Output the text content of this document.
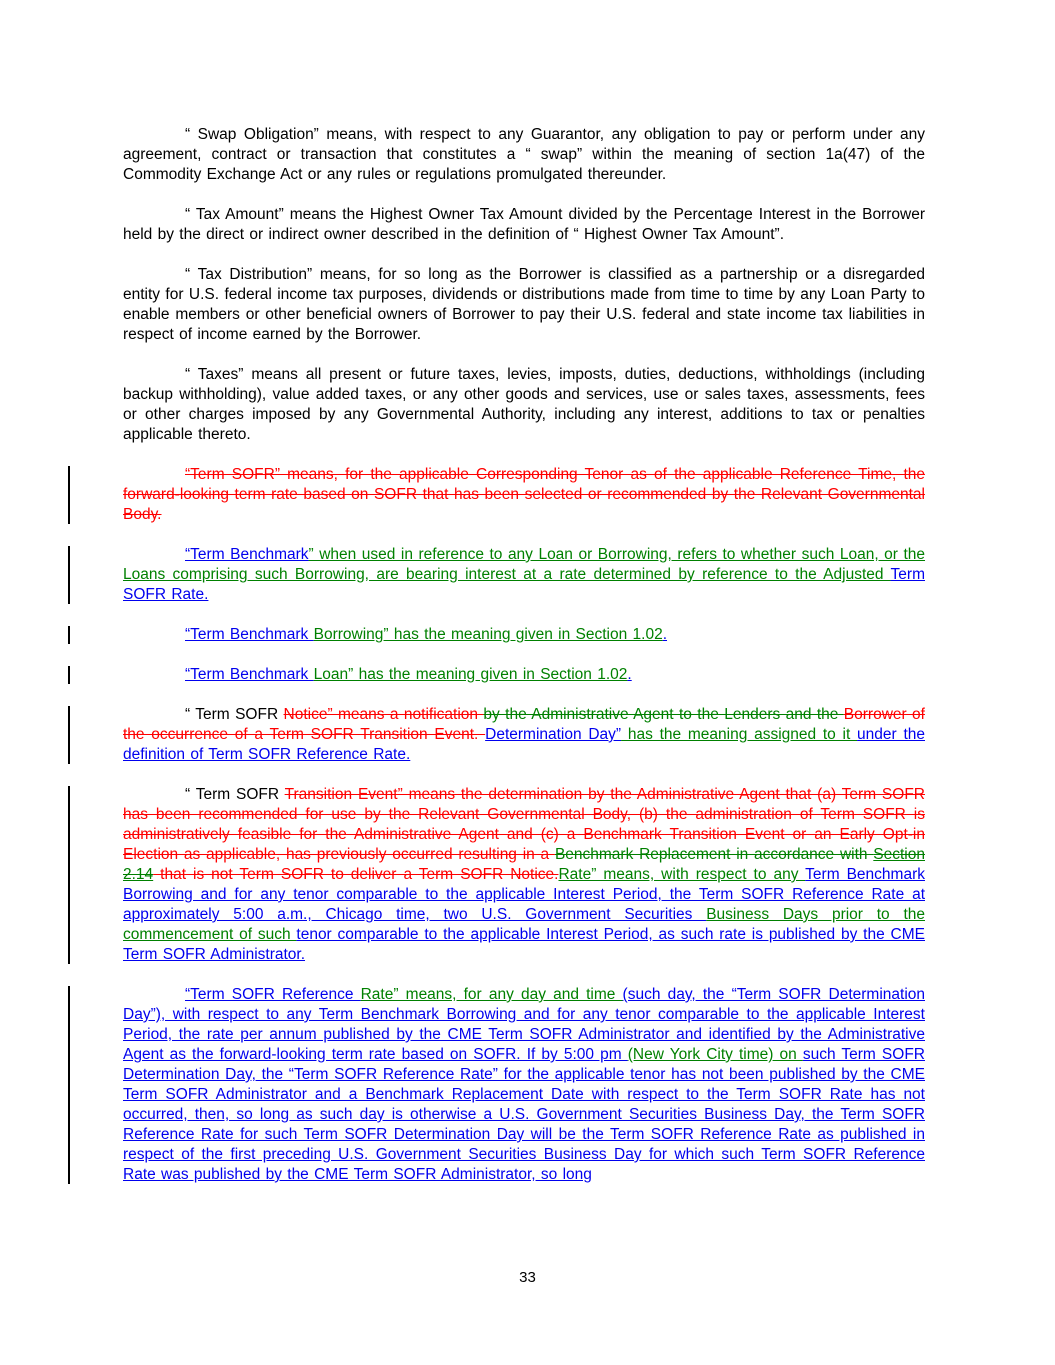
“ Swap Obligation” means, with respect to any Guarantor, any obligation to pay or perform under any agreement, contract or transaction that constitutes a “ swap” within the meaning of section 1a(47) of the Commodity Exchange Act or any rules or regulations promulgated thereunder.

“ Tax Amount” means the Highest Owner Tax Amount divided by the Percentage Interest in the Borrower held by the direct or indirect owner described in the definition of “ Highest Owner Tax Amount”.

“ Tax Distribution” means, for so long as the Borrower is classified as a partnership or a disregarded entity for U.S. federal income tax purposes, dividends or distributions made from time to time by any Loan Party to enable members or other beneficial owners of Borrower to pay their U.S. federal and state income tax liabilities in respect of income earned by the Borrower.

“ Taxes” means all present or future taxes, levies, imposts, duties, deductions, withholdings (including backup withholding), value added taxes, or any other goods and services, use or sales taxes, assessments, fees or other charges imposed by any Governmental Authority, including any interest, additions to tax or penalties applicable thereto.

“Term SOFR” means, for the applicable Corresponding Tenor as of the applicable Reference Time, the forward-looking term rate based on SOFR that has been selected or recommended by the Relevant Governmental Body.

“Term Benchmark” when used in reference to any Loan or Borrowing, refers to whether such Loan, or the Loans comprising such Borrowing, are bearing interest at a rate determined by reference to the Adjusted Term SOFR Rate.

“Term Benchmark Borrowing” has the meaning given in Section 1.02.

“Term Benchmark Loan” has the meaning given in Section 1.02.

“ Term SOFR Notice” means a notification by the Administrative Agent to the Lenders and the Borrower of the occurrence of a Term SOFR Transition Event. Determination Day” has the meaning assigned to it under the definition of Term SOFR Reference Rate.

“ Term SOFR Transition Event” means the determination by the Administrative Agent that (a) Term SOFR has been recommended for use by the Relevant Governmental Body, (b) the administration of Term SOFR is administratively feasible for the Administrative Agent and (c) a Benchmark Transition Event or an Early Opt-in Election as applicable, has previously occurred resulting in a Benchmark Replacement in accordance with Section 2.14 that is not Term SOFR to deliver a Term SOFR Notice.Rate” means, with respect to any Term Benchmark Borrowing and for any tenor comparable to the applicable Interest Period, the Term SOFR Reference Rate at approximately 5:00 a.m., Chicago time, two U.S. Government Securities Business Days prior to the commencement of such tenor comparable to the applicable Interest Period, as such rate is published by the CME Term SOFR Administrator.

“Term SOFR Reference Rate” means, for any day and time (such day, the “Term SOFR Determination Day”), with respect to any Term Benchmark Borrowing and for any tenor comparable to the applicable Interest Period, the rate per annum published by the CME Term SOFR Administrator and identified by the Administrative Agent as the forward-looking term rate based on SOFR. If by 5:00 pm (New York City time) on such Term SOFR Determination Day, the “Term SOFR Reference Rate” for the applicable tenor has not been published by the CME Term SOFR Administrator and a Benchmark Replacement Date with respect to the Term SOFR Rate has not occurred, then, so long as such day is otherwise a U.S. Government Securities Business Day, the Term SOFR Reference Rate for such Term SOFR Determination Day will be the Term SOFR Reference Rate as published in respect of the first preceding U.S. Government Securities Business Day for which such Term SOFR Reference Rate was published by the CME Term SOFR Administrator, so long

33
